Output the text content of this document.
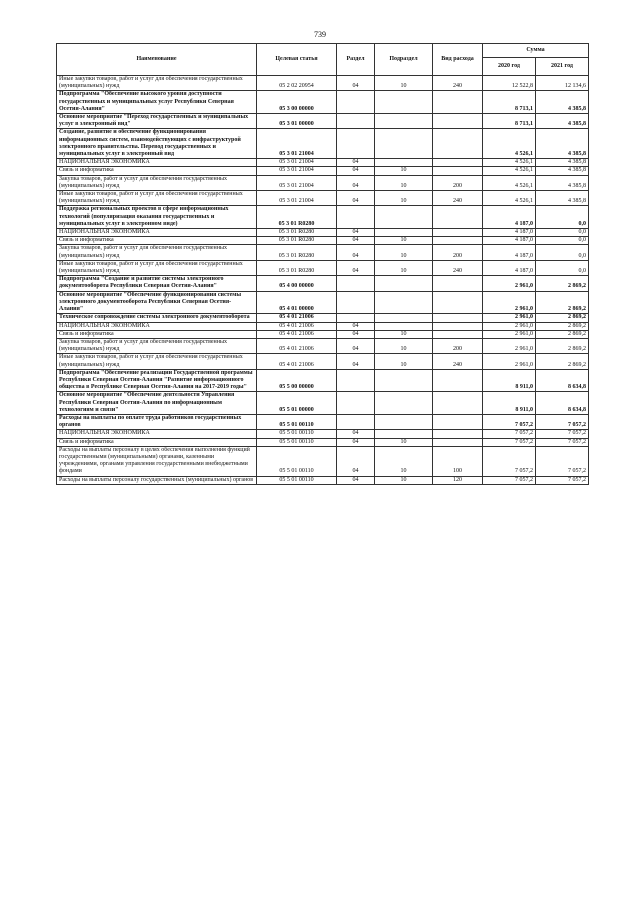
739
Наименование	Целевая статья	Раздел	Подраздел	Вид расхода	Сумма	
					2020 год	2021 год
Иные закупки товаров, работ и услуг для обеспечения государственных (муниципальных) нужд	05 2 02 20954	04	10	240	12 522,8	12 134,6
Подпрограмма "Обеспечение высокого уровня доступности государственных и муниципальных услуг Республики Северная Осетия-Алания"	05 3 00 00000				8 713,1	4 385,8
Основное мероприятие "Переход государственных и муниципальных услуг в электронный вид"	05 3 01 00000				8 713,1	4 385,8
Создание, развитие и обеспечение функционирования информационных систем, взаимодействующих с инфраструктурой электронного правительства. Перевод государственных и муниципальных услуг в электронный вид	05 3 01 21004				4 526,1	4 385,8
НАЦИОНАЛЬНАЯ ЭКОНОМИКА	05 3 01 21004	04			4 526,1	4 385,8
Связь и информатика	05 3 01 21004	04	10		4 526,1	4 385,8
Закупка товаров, работ и услуг для обеспечения государственных (муниципальных) нужд	05 3 01 21004	04	10	200	4 526,1	4 385,8
Иные закупки товаров, работ и услуг для обеспечения государственных (муниципальных) нужд	05 3 01 21004	04	10	240	4 526,1	4 385,8
Поддержка региональных проектов в сфере информационных технологий (популяризация оказания государственных и муниципальных услуг в электронном виде)	05 3 01 R0280				4 187,0	0,0
НАЦИОНАЛЬНАЯ ЭКОНОМИКА	05 3 01 R0280	04			4 187,0	0,0
Связь и информатика	05 3 01 R0280	04	10		4 187,0	0,0
Закупка товаров, работ и услуг для обеспечения государственных (муниципальных) нужд	05 3 01 R0280	04	10	200	4 187,0	0,0
Иные закупки товаров, работ и услуг для обеспечения государственных (муниципальных) нужд	05 3 01 R0280	04	10	240	4 187,0	0,0
Подпрограмма "Создание и развитие системы электронного документооборота Республики Северная Осетия-Алания"	05 4 00 00000				2 961,0	2 869,2
Основное мероприятие "Обеспечение функционирования системы электронного документооборота Республики Северная Осетия-Алания"	05 4 01 00000				2 961,0	2 869,2
Техническое сопровождение системы электронного документооборота	05 4 01 21006				2 961,0	2 869,2
НАЦИОНАЛЬНАЯ ЭКОНОМИКА	05 4 01 21006	04			2 961,0	2 869,2
Связь и информатика	05 4 01 21006	04	10		2 961,0	2 869,2
Закупка товаров, работ и услуг для обеспечения государственных (муниципальных) нужд	05 4 01 21006	04	10	200	2 961,0	2 869,2
Иные закупки товаров, работ и услуг для обеспечения государственных (муниципальных) нужд	05 4 01 21006	04	10	240	2 961,0	2 869,2
Подпрограмма "Обеспечение реализации Государственной программы Республики Северная Осетия-Алания "Развитие информационного общества в Республике Северная Осетия-Алания на 2017-2019 годы"	05 5 00 00000				8 911,0	8 634,8
Основное мероприятие "Обеспечение деятельности Управления Республики Северная Осетия-Алания по информационным технологиям и связи"	05 5 01 00000				8 911,0	8 634,8
Расходы на выплаты по оплате труда работников государственных органов	05 5 01 00110				7 057,2	7 057,2
НАЦИОНАЛЬНАЯ ЭКОНОМИКА	05 5 01 00110	04			7 057,2	7 057,2
Связь и информатика	05 5 01 00110	04	10		7 057,2	7 057,2
Расходы на выплаты персоналу в целях обеспечения выполнения функций государственными (муниципальными) органами, казенными учреждениями, органами управления государственными внебюджетными фондами	05 5 01 00110	04	10	100	7 057,2	7 057,2
Расходы на выплаты персоналу государственных (муниципальных) органов	05 5 01 00110	04	10	120	7 057,2	7 057,2
